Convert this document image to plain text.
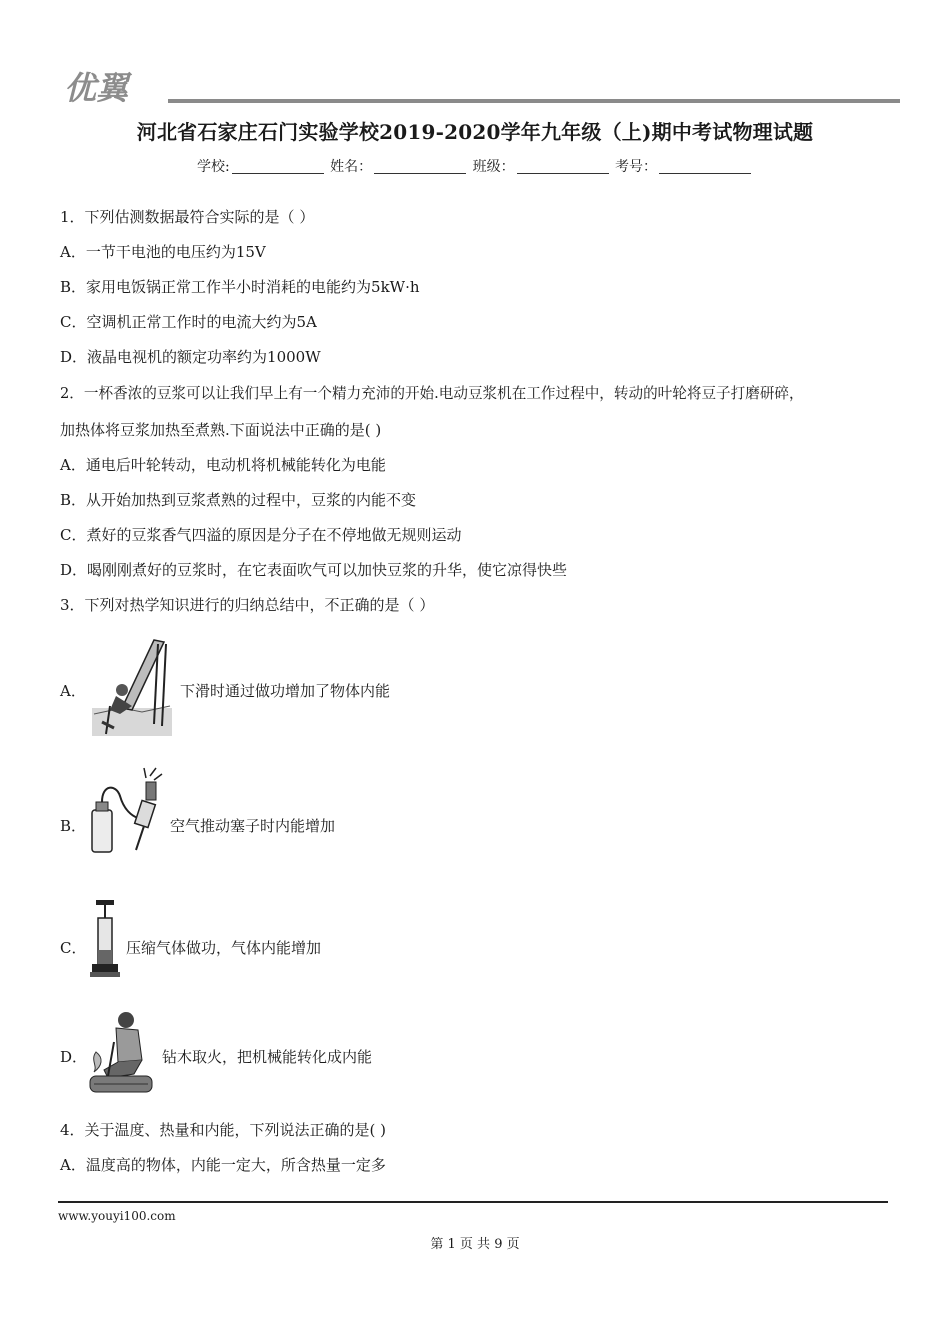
优翼
河北省石家庄石门实验学校2019-2020学年九年级（上)期中考试物理试题
学校:	姓名：	班级：	考号：
1．下列估测数据最符合实际的是（ ）
A．一节干电池的电压约为15V
B．家用电饭锅正常工作半小时消耗的电能约为5kW·h
C．空调机正常工作时的电流大约为5A
D．液晶电视机的额定功率约为1000W
2．一杯香浓的豆浆可以让我们早上有一个精力充沛的开始.电动豆浆机在工作过程中，转动的叶轮将豆子打磨研碎，
加热体将豆浆加热至煮熟.下面说法中正确的是( )
A．通电后叶轮转动，电动机将机械能转化为电能
B．从开始加热到豆浆煮熟的过程中，豆浆的内能不变
C．煮好的豆浆香气四溢的原因是分子在不停地做无规则运动
D．喝刚刚煮好的豆浆时，在它表面吹气可以加快豆浆的升华，使它凉得快些
3．下列对热学知识进行的归纳总结中，不正确的是（ ）
A．	下滑时通过做功增加了物体内能
B．	空气推动塞子时内能增加
C．	压缩气体做功，气体内能增加
D．	钻木取火，把机械能转化成内能
4．关于温度、热量和内能，下列说法正确的是( )
A．温度高的物体，内能一定大，所含热量一定多
www.youyi100.com
第 1 页 共 9 页
